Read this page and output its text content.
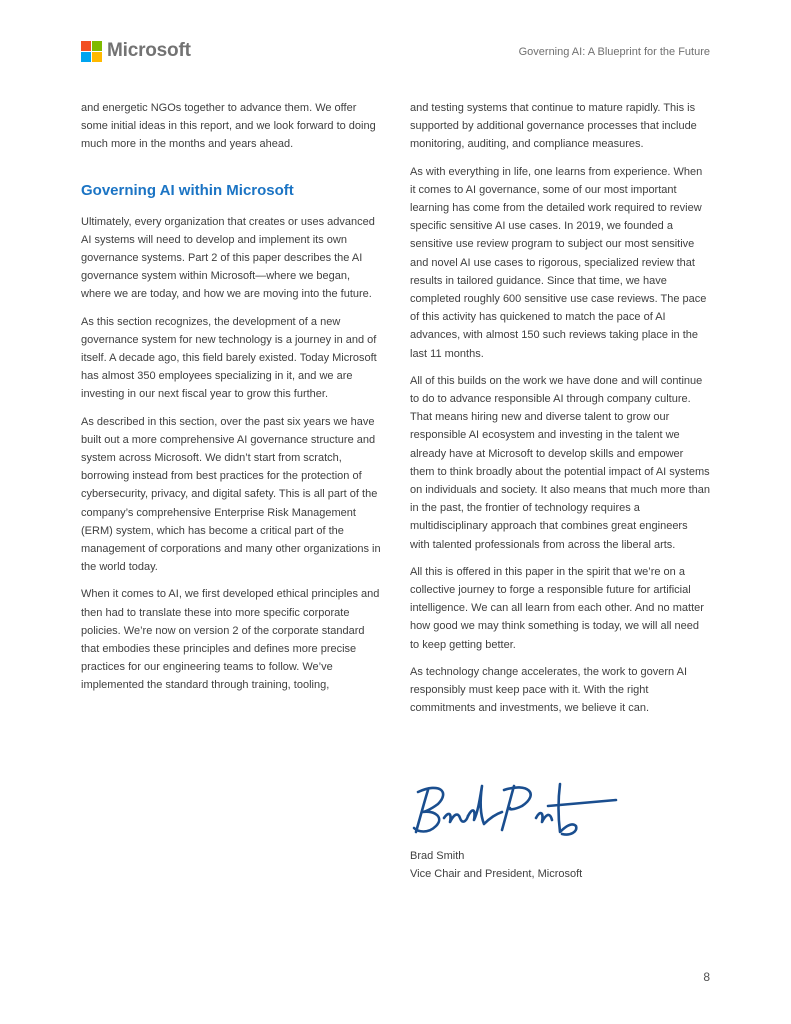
Microsoft	Governing AI: A Blueprint for the Future

and energetic NGOs together to advance them. We offer some initial ideas in this report, and we look forward to doing much more in the months and years ahead.

Governing AI within Microsoft

Ultimately, every organization that creates or uses advanced AI systems will need to develop and implement its own governance systems. Part 2 of this paper describes the AI governance system within Microsoft—where we began, where we are today, and how we are moving into the future.

As this section recognizes, the development of a new governance system for new technology is a journey in and of itself. A decade ago, this field barely existed. Today Microsoft has almost 350 employees specializing in it, and we are investing in our next fiscal year to grow this further.

As described in this section, over the past six years we have built out a more comprehensive AI governance structure and system across Microsoft. We didn’t start from scratch, borrowing instead from best practices for the protection of cybersecurity, privacy, and digital safety. This is all part of the company’s comprehensive Enterprise Risk Management (ERM) system, which has become a critical part of the management of corporations and many other organizations in the world today.

When it comes to AI, we first developed ethical principles and then had to translate these into more specific corporate policies. We’re now on version 2 of the corporate standard that embodies these principles and defines more precise practices for our engineering teams to follow. We’ve implemented the standard through training, tooling,

and testing systems that continue to mature rapidly. This is supported by additional governance processes that include monitoring, auditing, and compliance measures.

As with everything in life, one learns from experience. When it comes to AI governance, some of our most important learning has come from the detailed work required to review specific sensitive AI use cases. In 2019, we founded a sensitive use review program to subject our most sensitive and novel AI use cases to rigorous, specialized review that results in tailored guidance. Since that time, we have completed roughly 600 sensitive use case reviews. The pace of this activity has quickened to match the pace of AI advances, with almost 150 such reviews taking place in the last 11 months.

All of this builds on the work we have done and will continue to do to advance responsible AI through company culture. That means hiring new and diverse talent to grow our responsible AI ecosystem and investing in the talent we already have at Microsoft to develop skills and empower them to think broadly about the potential impact of AI systems on individuals and society. It also means that much more than in the past, the frontier of technology requires a multidisciplinary approach that combines great engineers with talented professionals from across the liberal arts.

All this is offered in this paper in the spirit that we’re on a collective journey to forge a responsible future for artificial intelligence. We can all learn from each other. And no matter how good we may think something is today, we will all need to keep getting better.

As technology change accelerates, the work to govern AI responsibly must keep pace with it. With the right commitments and investments, we believe it can.

Brad Smith
Vice Chair and President, Microsoft
8
